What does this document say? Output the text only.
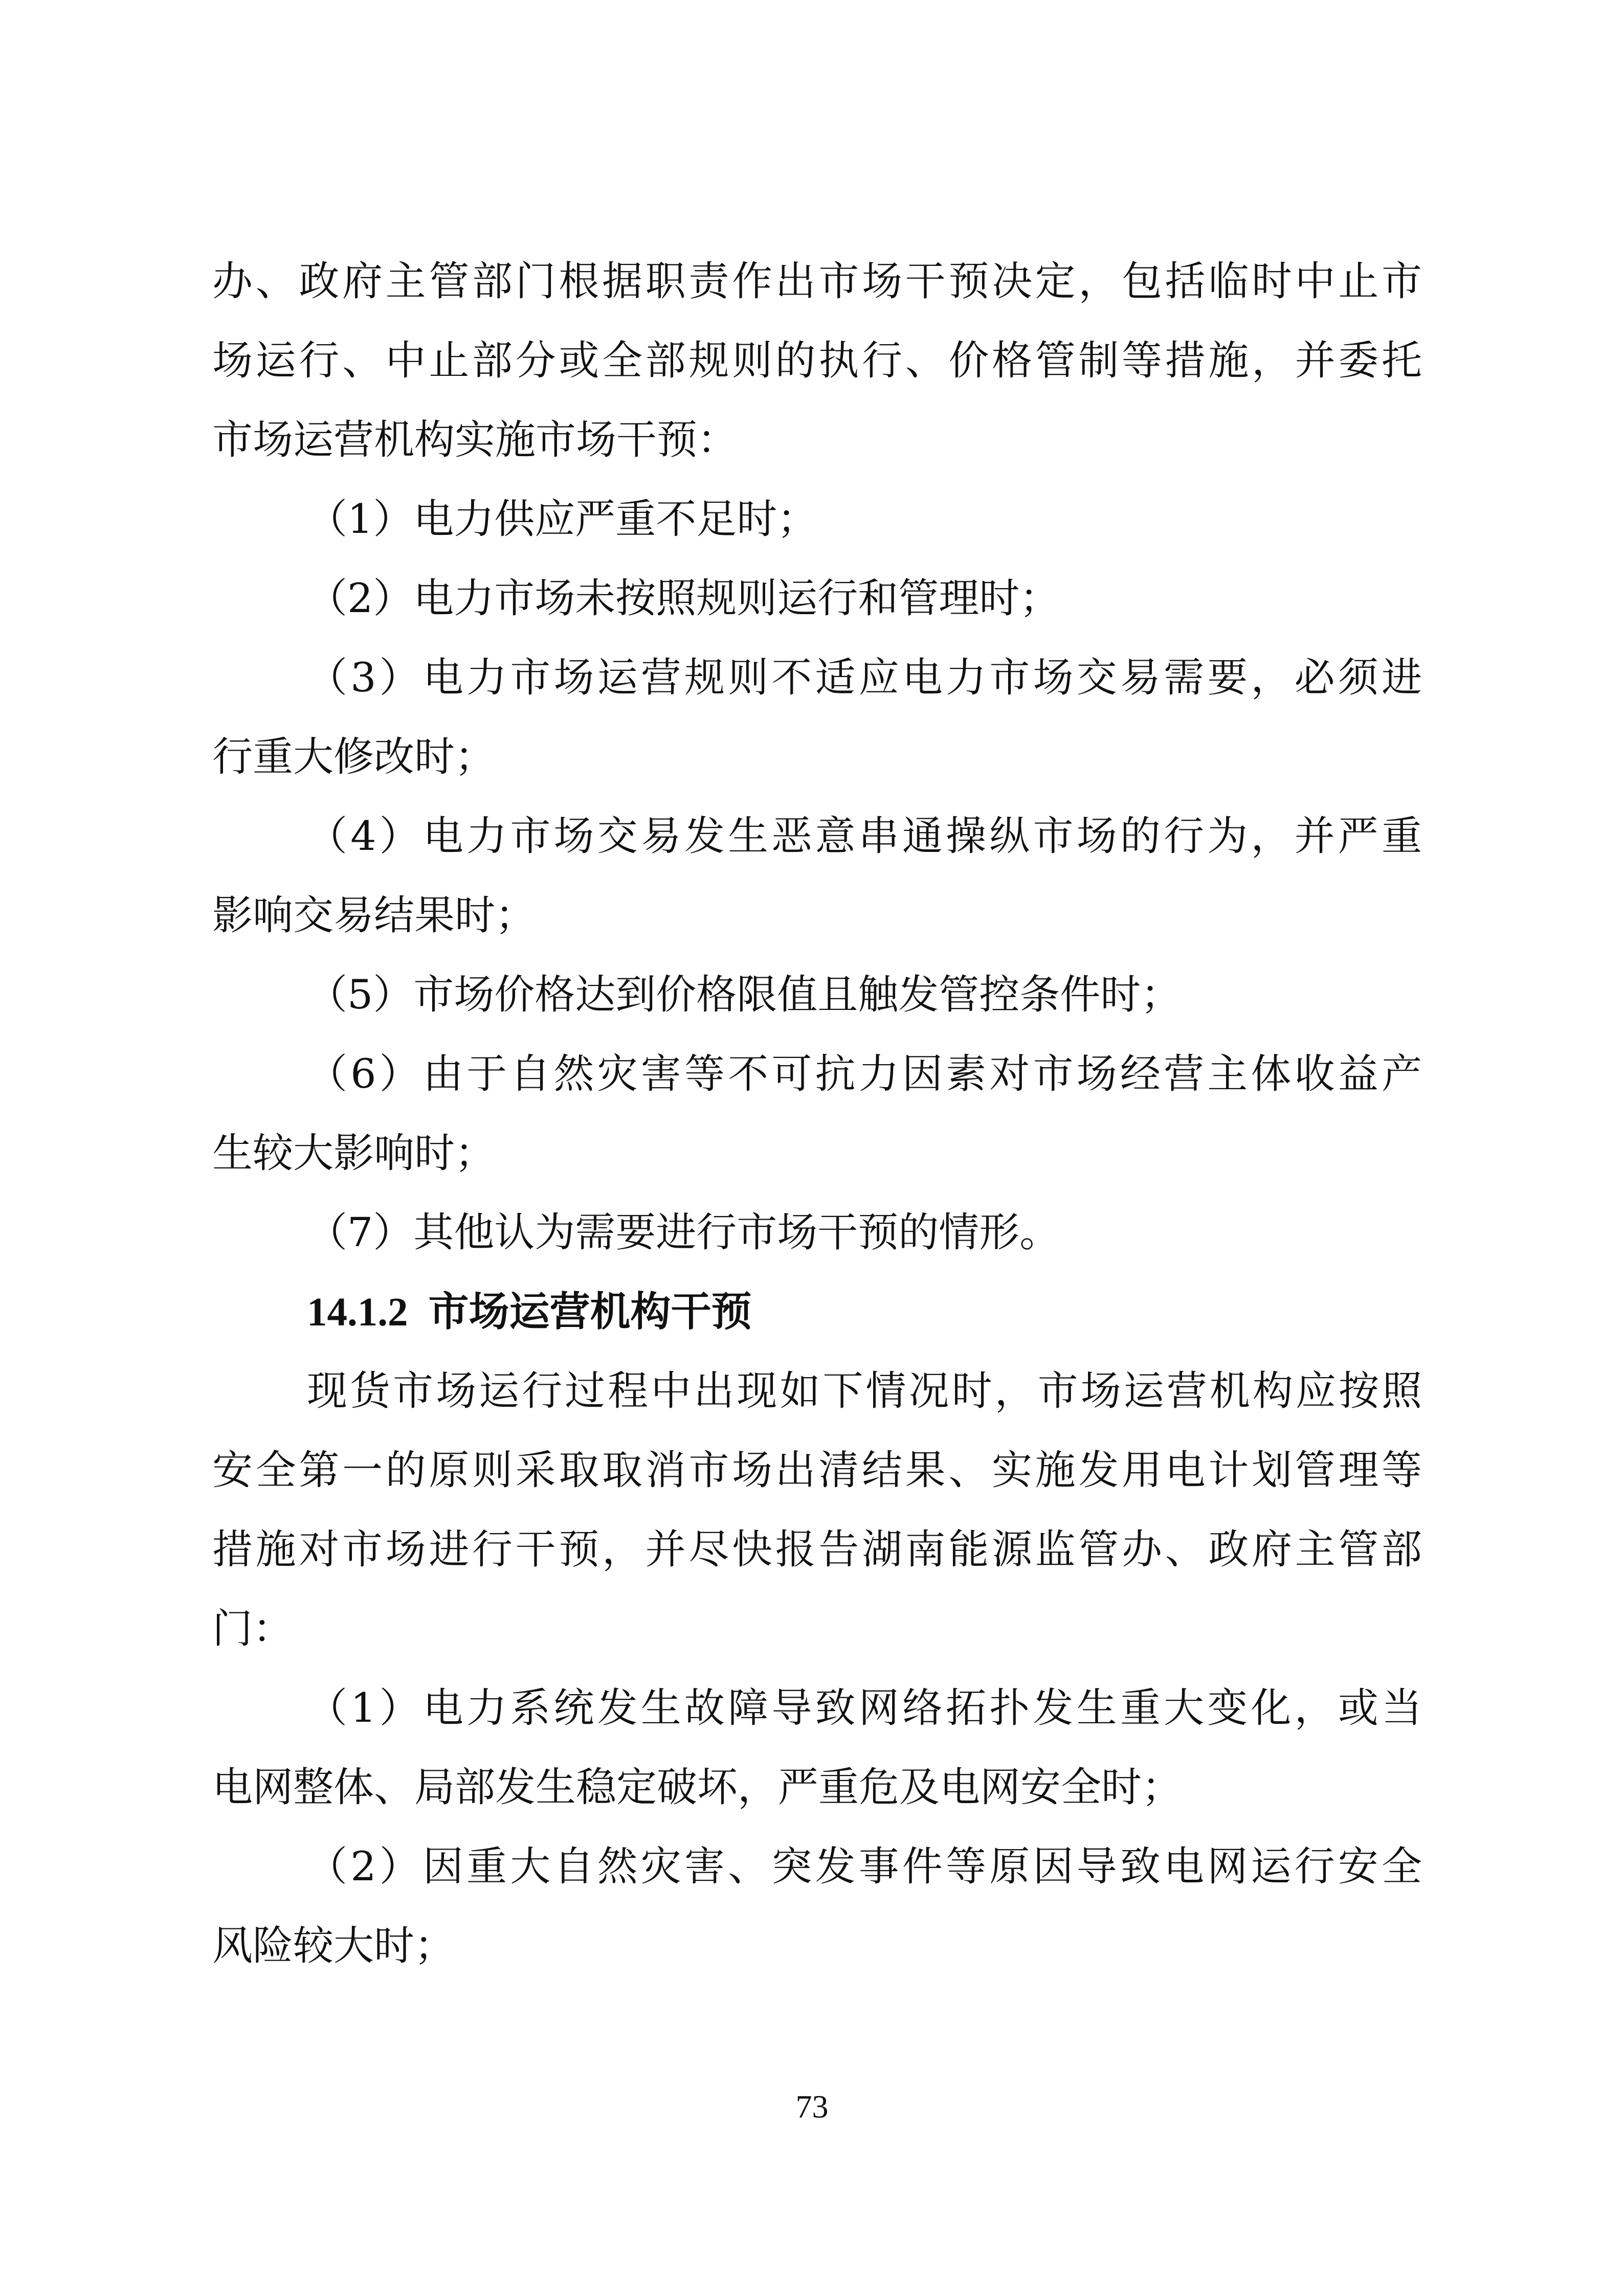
办、政府主管部门根据职责作出市场干预决定，包括临时中止市
场运行、中止部分或全部规则的执行、价格管制等措施，并委托
市场运营机构实施市场干预：
（1）电力供应严重不足时；
（2）电力市场未按照规则运行和管理时；
（3）电力市场运营规则不适应电力市场交易需要，必须进
行重大修改时；
（4）电力市场交易发生恶意串通操纵市场的行为，并严重
影响交易结果时；
（5）市场价格达到价格限值且触发管控条件时；
（6）由于自然灾害等不可抗力因素对市场经营主体收益产
生较大影响时；
（7）其他认为需要进行市场干预的情形。
14.1.2 市场运营机构干预
现货市场运行过程中出现如下情况时，市场运营机构应按照
安全第一的原则采取取消市场出清结果、实施发用电计划管理等
措施对市场进行干预，并尽快报告湖南能源监管办、政府主管部
门：
（1）电力系统发生故障导致网络拓扑发生重大变化，或当
电网整体、局部发生稳定破坏，严重危及电网安全时；
（2）因重大自然灾害、突发事件等原因导致电网运行安全
风险较大时；
73
